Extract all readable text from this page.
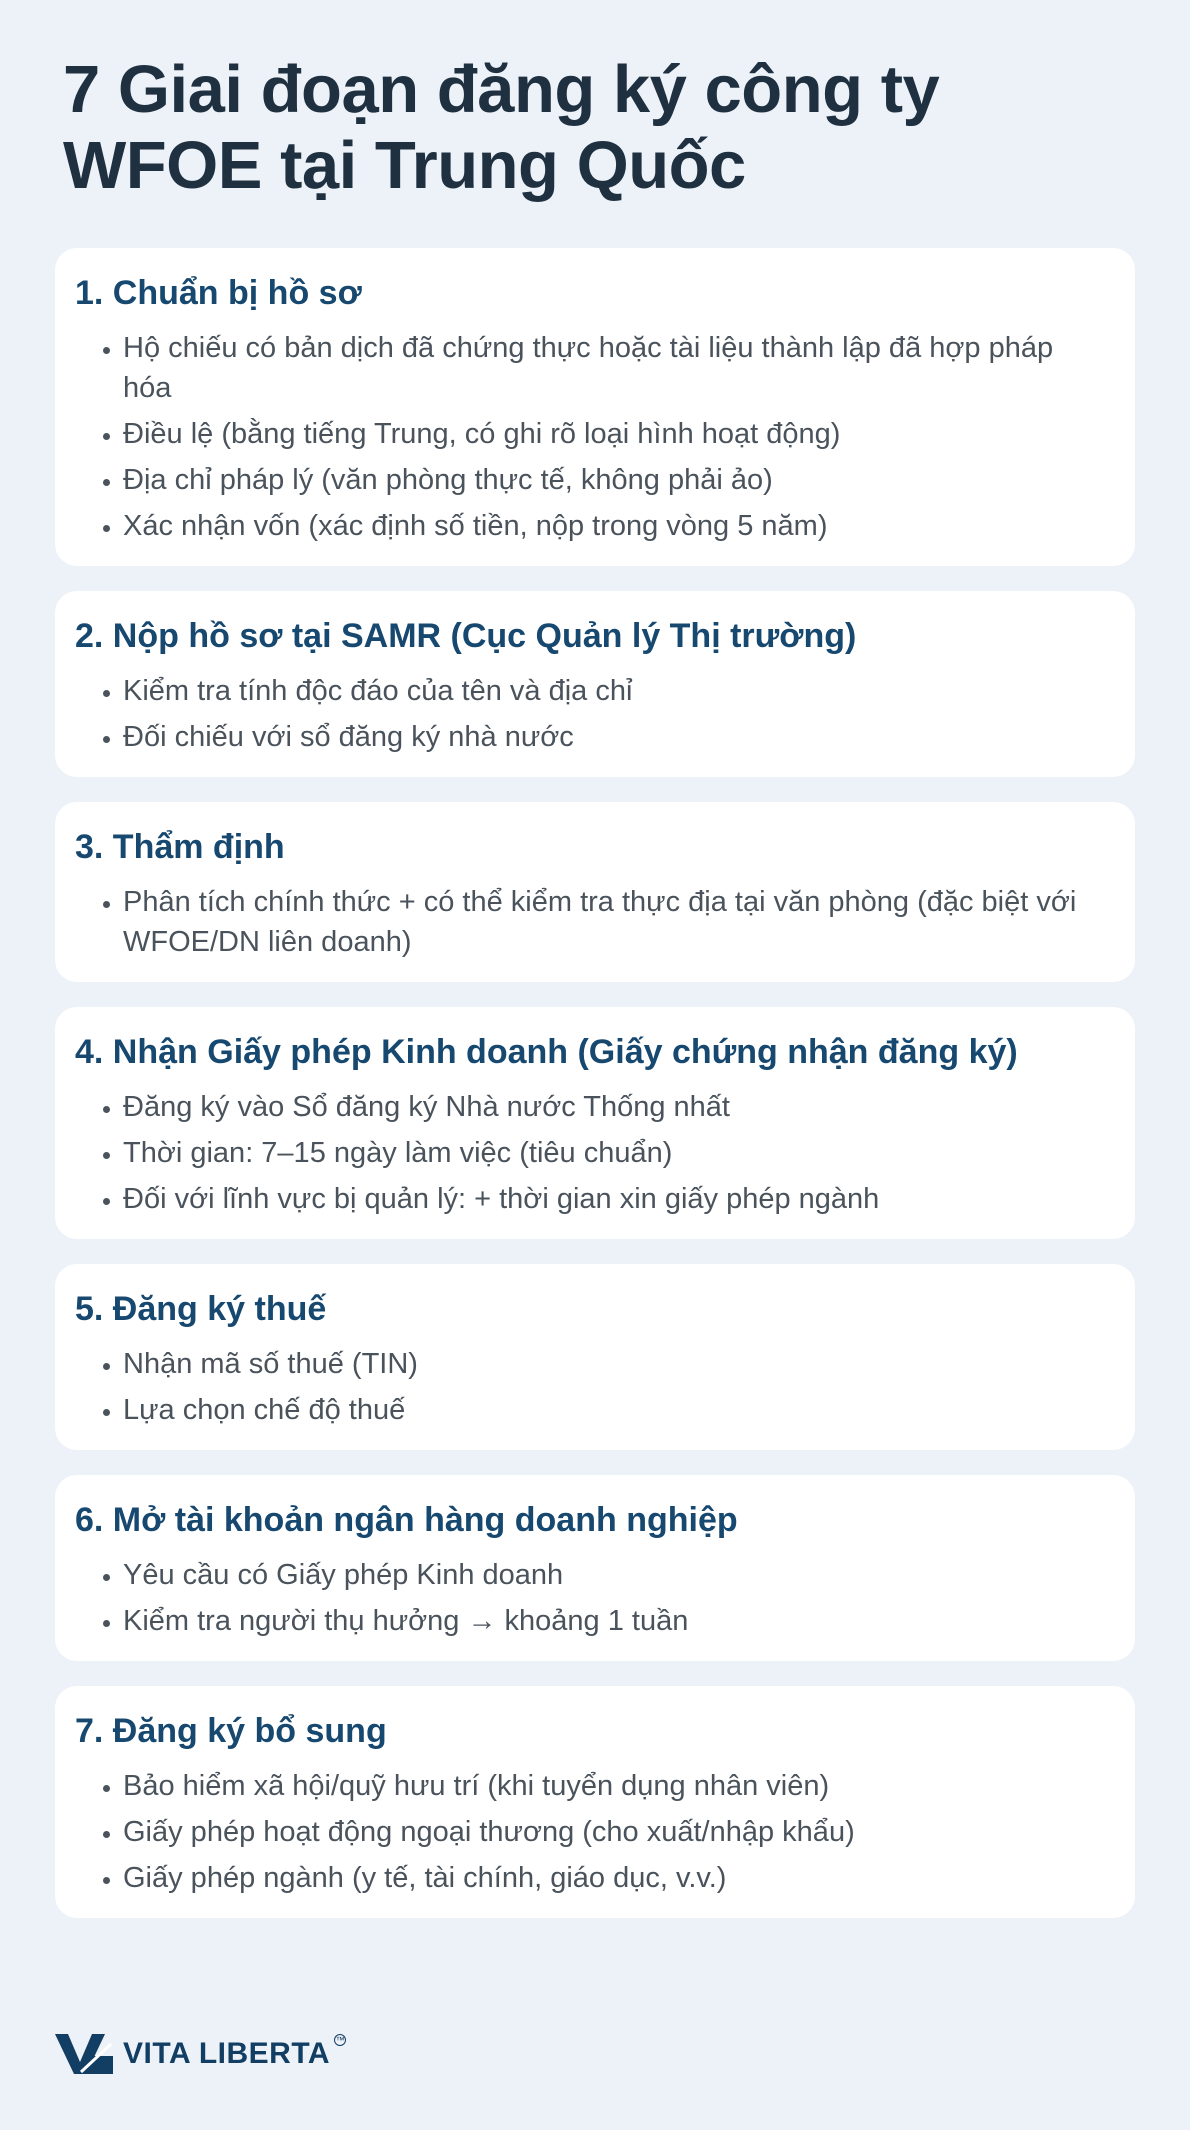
7 Giai đoạn đăng ký công ty WFOE tại Trung Quốc
1. Chuẩn bị hồ sơ
• Hộ chiếu có bản dịch đã chứng thực hoặc tài liệu thành lập đã hợp pháp hóa
• Điều lệ (bằng tiếng Trung, có ghi rõ loại hình hoạt động)
• Địa chỉ pháp lý (văn phòng thực tế, không phải ảo)
• Xác nhận vốn (xác định số tiền, nộp trong vòng 5 năm)
2. Nộp hồ sơ tại SAMR (Cục Quản lý Thị trường)
• Kiểm tra tính độc đáo của tên và địa chỉ
• Đối chiếu với sổ đăng ký nhà nước
3. Thẩm định
• Phân tích chính thức + có thể kiểm tra thực địa tại văn phòng (đặc biệt với WFOE/DN liên doanh)
4. Nhận Giấy phép Kinh doanh (Giấy chứng nhận đăng ký)
• Đăng ký vào Sổ đăng ký Nhà nước Thống nhất
• Thời gian: 7–15 ngày làm việc (tiêu chuẩn)
• Đối với lĩnh vực bị quản lý: + thời gian xin giấy phép ngành
5. Đăng ký thuế
• Nhận mã số thuế (TIN)
• Lựa chọn chế độ thuế
6. Mở tài khoản ngân hàng doanh nghiệp
• Yêu cầu có Giấy phép Kinh doanh
• Kiểm tra người thụ hưởng → khoảng 1 tuần
7. Đăng ký bổ sung
• Bảo hiểm xã hội/quỹ hưu trí (khi tuyển dụng nhân viên)
• Giấy phép hoạt động ngoại thương (cho xuất/nhập khẩu)
• Giấy phép ngành (y tế, tài chính, giáo dục, v.v.)
VITA LIBERTA ™
